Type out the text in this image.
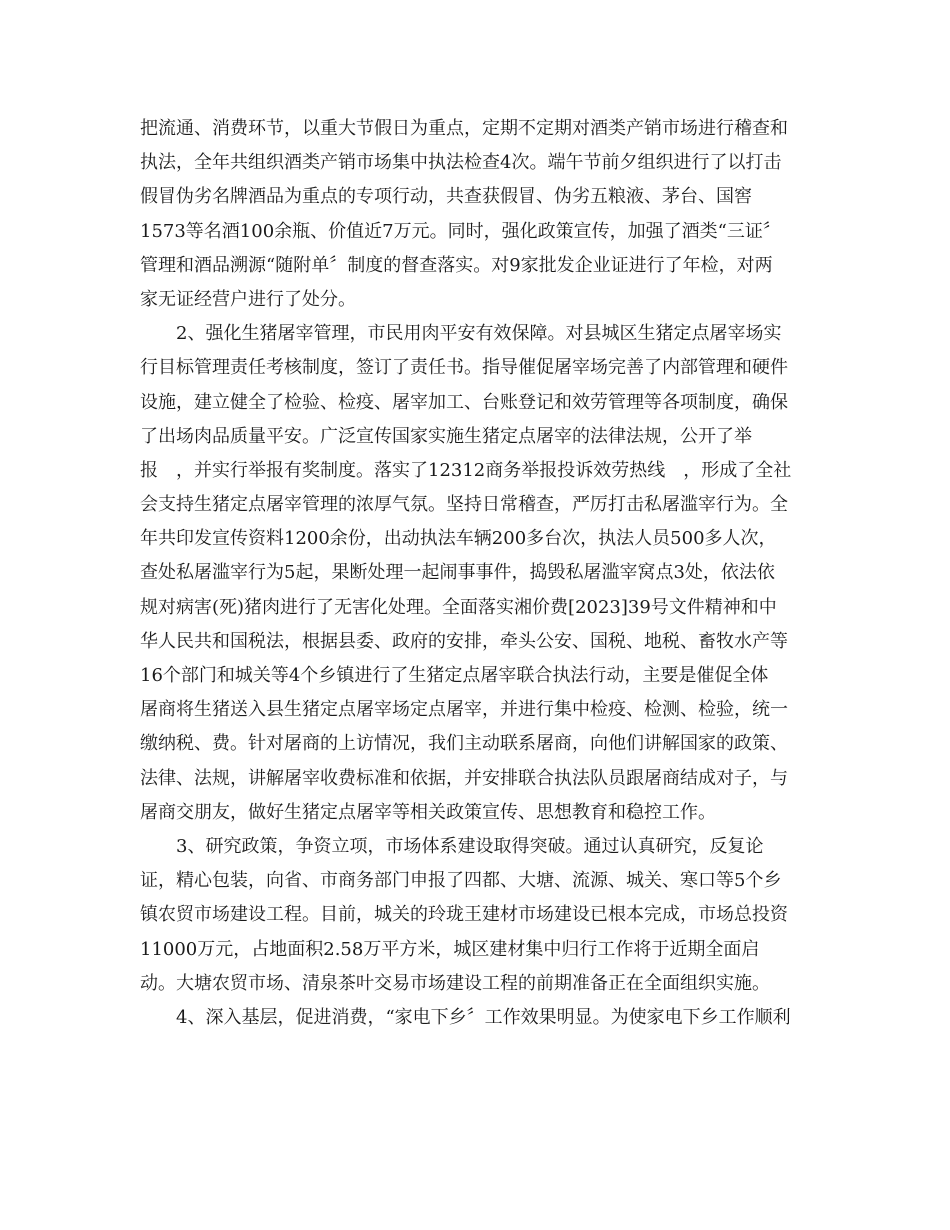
把流通、消费环节，以重大节假日为重点，定期不定期对酒类产销市场进行稽查和
执法，全年共组织酒类产销市场集中执法检查4次。端午节前夕组织进行了以打击
假冒伪劣名牌酒品为重点的专项行动，共查获假冒、伪劣五粮液、茅台、国窖
1573等名酒100余瓶、价值近7万元。同时，强化政策宣传，加强了酒类“三证〞
管理和酒品溯源“随附单〞制度的督查落实。对9家批发企业证进行了年检，对两
家无证经营户进行了处分。
　　2、强化生猪屠宰管理，市民用肉平安有效保障。对县城区生猪定点屠宰场实
行目标管理责任考核制度，签订了责任书。指导催促屠宰场完善了内部管理和硬件
设施，建立健全了检验、检疫、屠宰加工、台账登记和效劳管理等各项制度，确保
了出场肉品质量平安。广泛宣传国家实施生猪定点屠宰的法律法规，公开了举
报　，并实行举报有奖制度。落实了12312商务举报投诉效劳热线　，形成了全社
会支持生猪定点屠宰管理的浓厚气氛。坚持日常稽查，严厉打击私屠滥宰行为。全
年共印发宣传资料1200余份，出动执法车辆200多台次，执法人员500多人次，
查处私屠滥宰行为5起，果断处理一起闹事事件，捣毁私屠滥宰窝点3处，依法依
规对病害(死)猪肉进行了无害化处理。全面落实湘价费[2023]39号文件精神和中
华人民共和国税法，根据县委、政府的安排，牵头公安、国税、地税、畜牧水产等
16个部门和城关等4个乡镇进行了生猪定点屠宰联合执法行动，主要是催促全体
屠商将生猪送入县生猪定点屠宰场定点屠宰，并进行集中检疫、检测、检验，统一
缴纳税、费。针对屠商的上访情况，我们主动联系屠商，向他们讲解国家的政策、
法律、法规，讲解屠宰收费标准和依据，并安排联合执法队员跟屠商结成对子，与
屠商交朋友，做好生猪定点屠宰等相关政策宣传、思想教育和稳控工作。
　　3、研究政策，争资立项，市场体系建设取得突破。通过认真研究，反复论
证，精心包装，向省、市商务部门申报了四都、大塘、流源、城关、寒口等5个乡
镇农贸市场建设工程。目前，城关的玲珑王建材市场建设已根本完成，市场总投资
11000万元，占地面积2.58万平方米，城区建材集中归行工作将于近期全面启
动。大塘农贸市场、清泉茶叶交易市场建设工程的前期准备正在全面组织实施。
　　4、深入基层，促进消费，“家电下乡〞工作效果明显。为使家电下乡工作顺利
